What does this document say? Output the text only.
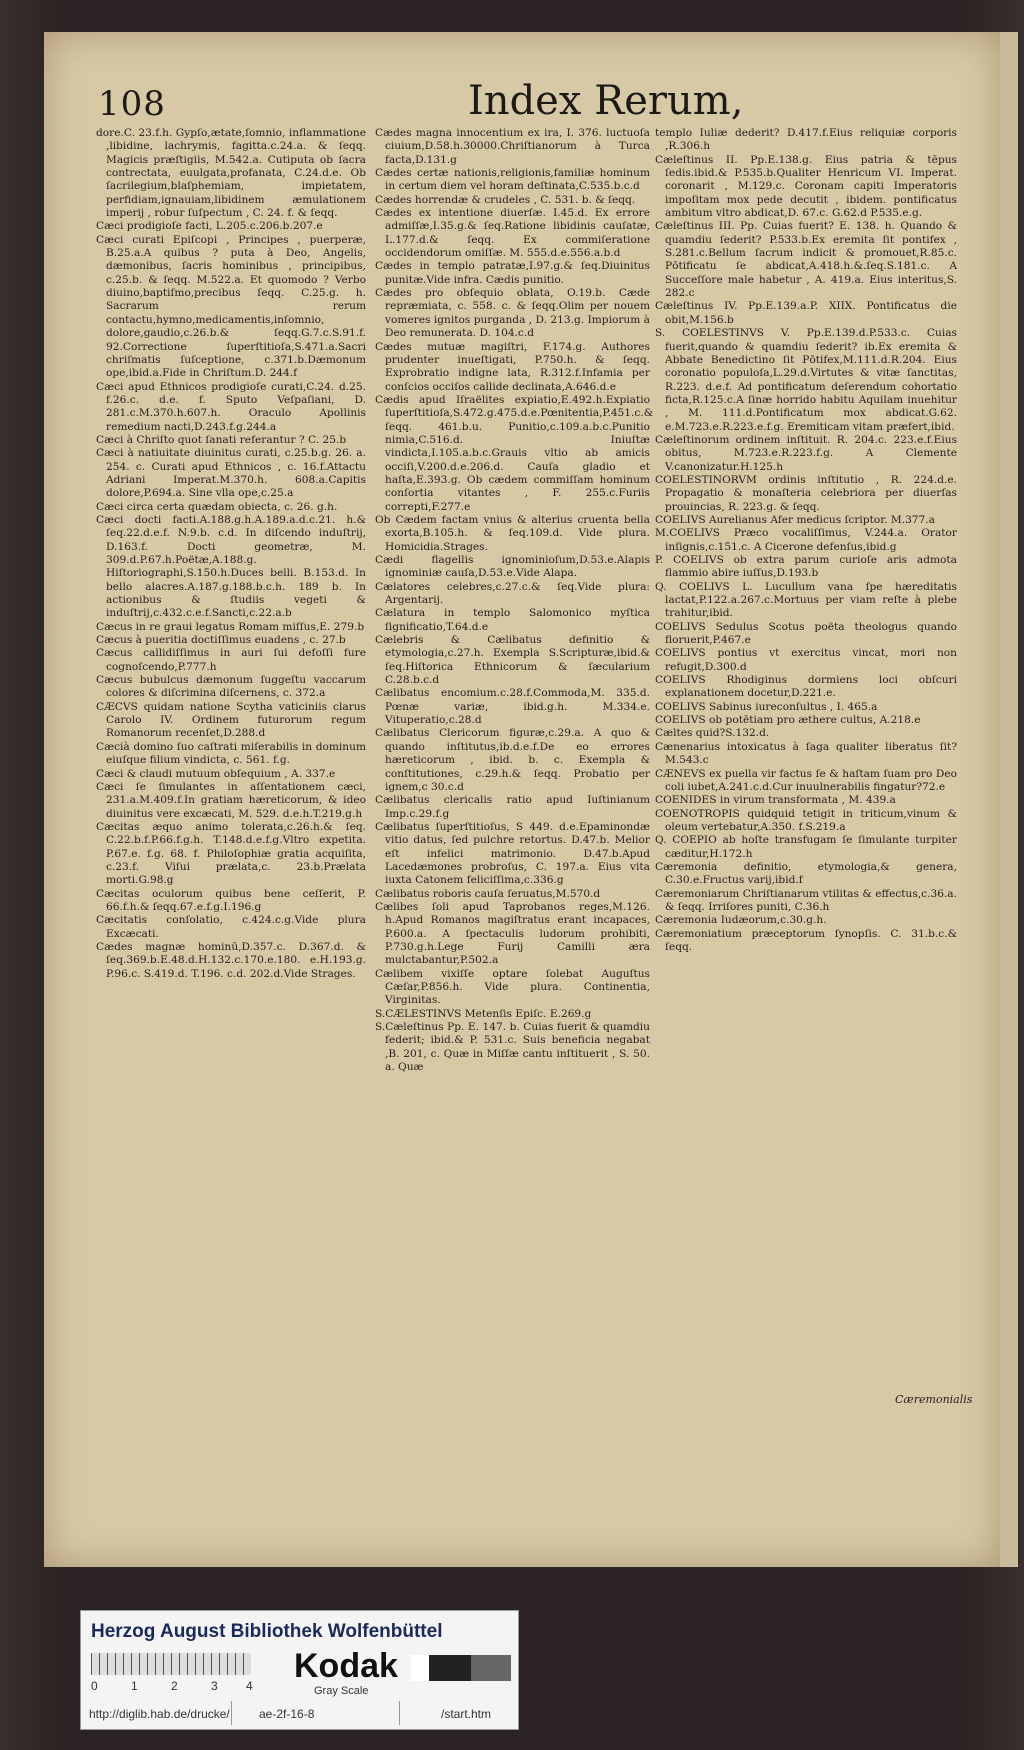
108	Index Rerum,

dore.C. 23.f.h. Gypſo,ætate,ſomnio, inflammatione ,libidine, lachrymis, fagitta.c.24.a. & ſeqq. Magicis præſtigiis, M.542.a. Cutiputa ob ſacra contrectata, euulgata,profanata, C.24.d.e. Ob ſacrilegium,blaſphemiam, impietatem, perfidiam,ignauiam,libidinem æmulationem imperij , robur ſuſpectum , C. 24. f. & ſeqq.

Cæci prodigioſe facti, L.205.c.206.b.207.e

Cæci curati Epiſcopi , Principes , puerperæ, B.25.a.A quibus ? puta à Deo, Angelis, dæmonibus, ſacris hominibus , principibus, c.25.b. & ſeqq. M.522.a. Et quomodo ? Verbo diuino,baptiſmo,precibus ſeqq. C.25.g. h. Sacrarum rerum contactu,hymno,medicamentis,inſomnio, dolore,gaudio,c.26.b.& ſeqq.G.7.c.S.91.f. 92.Correctione ſuperſtitioſa,S.471.a.Sacri chriſmatis ſuſceptione, c.371.b.Dæmonum ope,ibid.a.Fide in Chriſtum.D. 244.f

Cæci apud Ethnicos prodigioſe curati,C.24. d.25. f.26.c. d.e. f. Sputo Veſpaſiani, D. 281.c.M.370.h.607.h. Oraculo Apollinis remedium nacti,D.243.f.g.244.a

Cæci à Chriſto quot ſanati referantur ? C. 25.b

Cæci à natiuitate diuinitus curati, c.25.b.g. 26. a. 254. c. Curati apud Ethnicos , c. 16.f.Attactu Adriani Imperat.M.370.h. 608.a.Capitis dolore,P.694.a. Sine vlla ope,c.25.a

Cæci circa certa quædam obiecta, c. 26. g.h.

Cæci docti facti.A.188.g.h.A.189.a.d.c.21. h.& ſeq.22.d.e.f. N.9.b. c.d. In diſcendo induſtrij, D.163.f. Docti geometræ, M. 309.d.P.67.h.Poëtæ,A.188.g. Hiſtoriographi,S.150.h.Duces belli. B.153.d. In bello alacres.A.187.g.188.b.c.h. 189 b. In actionibus & ſtudiis vegeti & induſtrij,c.432.c.e.f.Sancti,c.22.a.b

Cæcus in re graui legatus Romam miſſus,E. 279.b

Cæcus à pueritia doctiſſimus euadens , c. 27.b

Cæcus callidiſſimus in auri ſui defoſſi fure cognoſcendo,P.777.h

Cæcus bubulcus dæmonum ſuggeſtu vaccarum colores & diſcrimina diſcernens, c. 372.a

CÆCVS quidam natione Scytha vaticiniis clarus Carolo IV. Ordinem futurorum regum Romanorum recenſet,D.288.d

Cæcià domino ſuo caſtrati miſerabilis in dominum eiuſque filium vindicta, c. 561. f.g.

Cæci & claudi mutuum obſequium , A. 337.e

Cæci ſe ſimulantes in aſſentationem cæci, 231.a.M.409.f.In gratiam hæreticorum, & ideo diuinitus vere excæcati, M. 529. d.e.h.T.219.g.h

Cæcitas æquo animo tolerata,c.26.h.& ſeq. C.22.b.f.P.66.f.g.h. T.148.d.e.f.g.Vltro expetita. P.67.e. f.g. 68. f. Philoſophiæ gratia acquiſita, c.23.f. Viſui prælata,c. 23.b.Prælata morti.G.98.g

Cæcitas oculorum quibus bene ceſſerit, P. 66.f.h.& ſeqq.67.e.f.g.I.196.g

Cæcitatis conſolatio, c.424.c.g.Vide plura Excæcati.

Cædes magnæ hominū,D.357.c. D.367.d. & ſeq.369.b.E.48.d.H.132.c.170.e.180. e.H.193.g. P.96.c. S.419.d. T.196. c.d. 202.d.Vide Strages.

Cædes magna innocentium ex ira, I. 376. luctuoſa ciuium,D.58.h.30000.Chriſtianorum à Turca facta,D.131.g

Cædes certæ nationis,religionis,familiæ hominum in certum diem vel horam deſtinata,C.535.b.c.d

Cædes horrendæ & crudeles , C. 531. b. & ſeqq.

Cædes ex intentione diuerſæ. I.45.d. Ex errore admiſſæ,I.35.g.& ſeq.Ratione libidinis cauſatæ, L.177.d.& ſeqq. Ex commiſeratione occidendorum omiſſæ. M. 555.d.e.556.a.b.d

Cædes in templo patratæ,I.97.g.& ſeq.Diuinitus punitæ.Vide infra. Cædis punitio.

Cædes pro obſequio oblata, O.19.b. Cæde repræmiata, c. 558. c. & ſeqq.Olim per nouem vomeres ignitos purganda , D. 213.g. Impiorum à Deo remunerata. D. 104.c.d

Cædes mutuæ magiſtri, F.174.g. Authores prudenter inueſtigati, P.750.h. & ſeqq. Exprobratio indigne lata, R.312.f.Infamia per conſcios occiſos callide declinata,A.646.d.e

Cædis apud Iſraëlites expiatio,E.492.h.Expiatio ſuperſtitioſa,S.472.g.475.d.e.Pœnitentia,P.451.c.& ſeqq. 461.b.u. Punitio,c.109.a.b.c.Punitio nimia,C.516.d. Iniuſtæ vindicta,I.105.a.b.c.Grauis vltio ab amicis occiſi,V.200.d.e.206.d. Cauſa gladio et haſta,E.393.g. Ob cædem commiſſam hominum conſortia vitantes , F. 255.c.Furiis correpti,F.277.e

Ob Cædem factam vnius & alterius cruenta bella exorta,B.105.h. & ſeq.109.d. Vide plura. Homicidia.Strages.

Cædi flagellis ignominioſum,D.53.e.Alapis ignominiæ cauſa,D.53.e.Vide Alapa.

Cælatores celebres,c.27.c.& ſeq.Vide plura: Argentarij.

Cælatura in templo Salomonico myſtica ſignificatio,T.64.d.e

Cælebris & Cælibatus definitio & etymologia,c.27.h. Exempla S.Scripturæ,ibid.& ſeq.Hiſtorica Ethnicorum & ſæcularium C.28.b.c.d

Cælibatus encomium.c.28.f.Commoda,M. 335.d. Pœnæ variæ, ibid.g.h. M.334.e. Vituperatio,c.28.d

Cælibatus Clericorum figuræ,c.29.a. A quo & quando inſtitutus,ib.d.e.f.De eo errores hæreticorum , ibid. b. c. Exempla & conſtitutiones, c.29.h.& ſeqq. Probatio per ignem,c 30.c.d

Cælibatus clericalis ratio apud Iuſtinianum Imp.c.29.f.g

Cælibatus ſuperſtitioſus, S 449. d.e.Epaminondæ vitio datus, ſed pulchre retortus. D.47.b. Melior eſt infelici matrimonio. D.47.b.Apud Lacedæmones probroſus, C. 197.a. Eius vita iuxta Catonem feliciſſima,c.336.g

Cælibatus roboris cauſa ſeruatus,M.570.d

Cælibes ſoli apud Taprobanos reges,M.126. h.Apud Romanos magiſtratus erant incapaces, P.600.a. A ſpectaculis ludorum prohibiti, P.730.g.h.Lege Furij Camilli æra mulctabantur,P.502.a

Cælibem vixiſſe optare ſolebat Auguſtus Cæſar,P.856.h. Vide plura. Continentia, Virginitas.

S.CÆLESTINVS Metenſis Epiſc. E.269.g

S.Cæleſtinus Pp. E. 147. b. Cuias fuerit & quamdiu federit; ibid.& P. 531.c. Suis beneficia negabat ,B. 201, c. Quæ in Miſſæ cantu inſtituerit , S. 50. a. Quæ

templo Iuliæ dederit? D.417.f.Eius reliquiæ corporis ,R.306.h

Cæleſtinus II. Pp.E.138.g. Eius patria & tēpus ſedis.ibid.& P.535.b.Qualiter Henricum VI. Imperat. coronarit , M.129.c. Coronam capiti Imperatoris impoſitam mox pede decutit , ibidem. pontificatus ambitum vltro abdicat,D. 67.c. G.62.d P.535.e.g.

Cæleſtinus III. Pp. Cuias fuerit? E. 138. h. Quando & quamdiu ſederit? P.533.b.Ex eremita ſit pontifex , S.281.c.Bellum ſacrum indicit & promouet,R.85.c. Pōtificatu ſe abdicat,A.418.h.&.ſeq.S.181.c. A Succeſſore male habetur , A. 419.a. Eius interitus,S. 282.c

Cæleſtinus IV. Pp.E.139.a.P. XIIX. Pontificatus die obit,M.156.b

S. COELESTINVS V. Pp.E.139.d.P.533.c. Cuias fuerit,quando & quamdiu ſederit? ib.Ex eremita & Abbate Benedictino ſit Pōtifex,M.111.d.R.204. Eius coronatio populoſa,L.29.d.Virtutes & vitæ ſanctitas, R.223. d.e.f. Ad pontificatum deſerendum cohortatio ficta,R.125.c.A ſinæ horrido habitu Aquilam inuehitur , M. 111.d.Pontificatum mox abdicat.G.62. e.M.723.e.R.223.e.f.g. Eremiticam vitam præfert,ibid.

Cæleſtinorum ordinem inſtituit. R. 204.c. 223.e.f.Eius obitus, M.723.e.R.223.f.g. A Clemente V.canonizatur.H.125.h

COELESTINORVM ordinis inſtitutio , R. 224.d.e. Propagatio & monaſteria celebriora per diuerſas prouincias, R. 223.g. & ſeqq.

COELIVS Aurelianus Afer medicus ſcriptor. M.377.a

M.COELIVS Præco vocaliſſimus, V.244.a. Orator inſignis,c.151.c. A Cicerone defenſus,ibid.g

P. COELIVS ob extra parum curioſe aris admota flammio abire iuſſus,D.193.b

Q. COELIVS L. Lucullum vana ſpe hæreditatis lactat,P.122.a.267.c.Mortuus per viam reſte à plebe trahitur,ibid.

COELIVS Sedulus Scotus poëta theologus quando floruerit,P.467.e

COELIVS pontius vt exercitus vincat, mori non refugit,D.300.d

COELIVS Rhodiginus dormiens loci obſcuri explanationem docetur,D.221.e.

COELIVS Sabinus iureconſultus , I. 465.a

COELIVS ob potētiam pro æthere cultus, A.218.e

Cæltes quid?S.132.d.

Cænenarius intoxicatus à ſaga qualiter liberatus ſit?M.543.c

CÆNEVS ex puella vir factus ſe & haſtam ſuam pro Deo coli iubet,A.241.c.d.Cur inuulnerabilis fingatur?72.e

COENIDES in virum transformata , M. 439.a

COENOTROPIS quidquid tetigit in triticum,vinum & oleum vertebatur,A.350. f.S.219.a

Q. COEPIO ab hoſte transfugam ſe ſimulante turpiter cæditur,H.172.h

Cæremonia definitio, etymologia,& genera, C.30.e.Fructus varij,ibid.f

Cæremoniarum Chriſtianarum vtilitas & effectus,c.36.a. & ſeqq. Irriſores puniti, C.36.h

Cæremonia Iudæorum,c.30.g.h.

Cæremoniatium præceptorum ſynopſis. C. 31.b.c.& ſeqq.

Cæremonialis
Herzog August Bibliothek Wolfenbüttel
0	1	2	3 4
Kodak
Gray Scale
http://diglib.hab.de/drucke/ ae-2f-16-8	/start.htm
